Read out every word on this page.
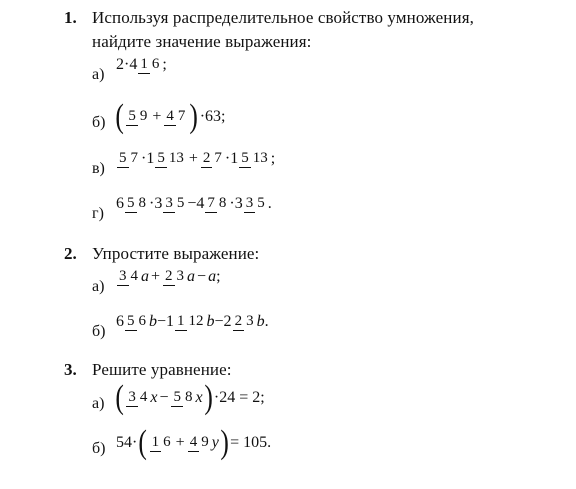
1. Используя распределительное свойство умножения,
найдите значение выражения:
а)
2·4 1 6 ;
б) ( 5 9 + 4 7 ) ·63;
в)
5 7 ·1 5 13 + 2 7 ·1 5 13 ;
г)
6 5 8 ·3 3 5 −4 7 8 ·3 3 5 .
2. Упростите выражение:
а)
3 4 a + 2 3 a − a ;
б)
6 5 6 b −1 1 12 b −2 2 3 b .
3. Решите уравнение:
а) ( 3 4 x − 5 8 x ) ·24 = 2;
б) 54· ( 1 6 + 4 9 y ) = 105.
